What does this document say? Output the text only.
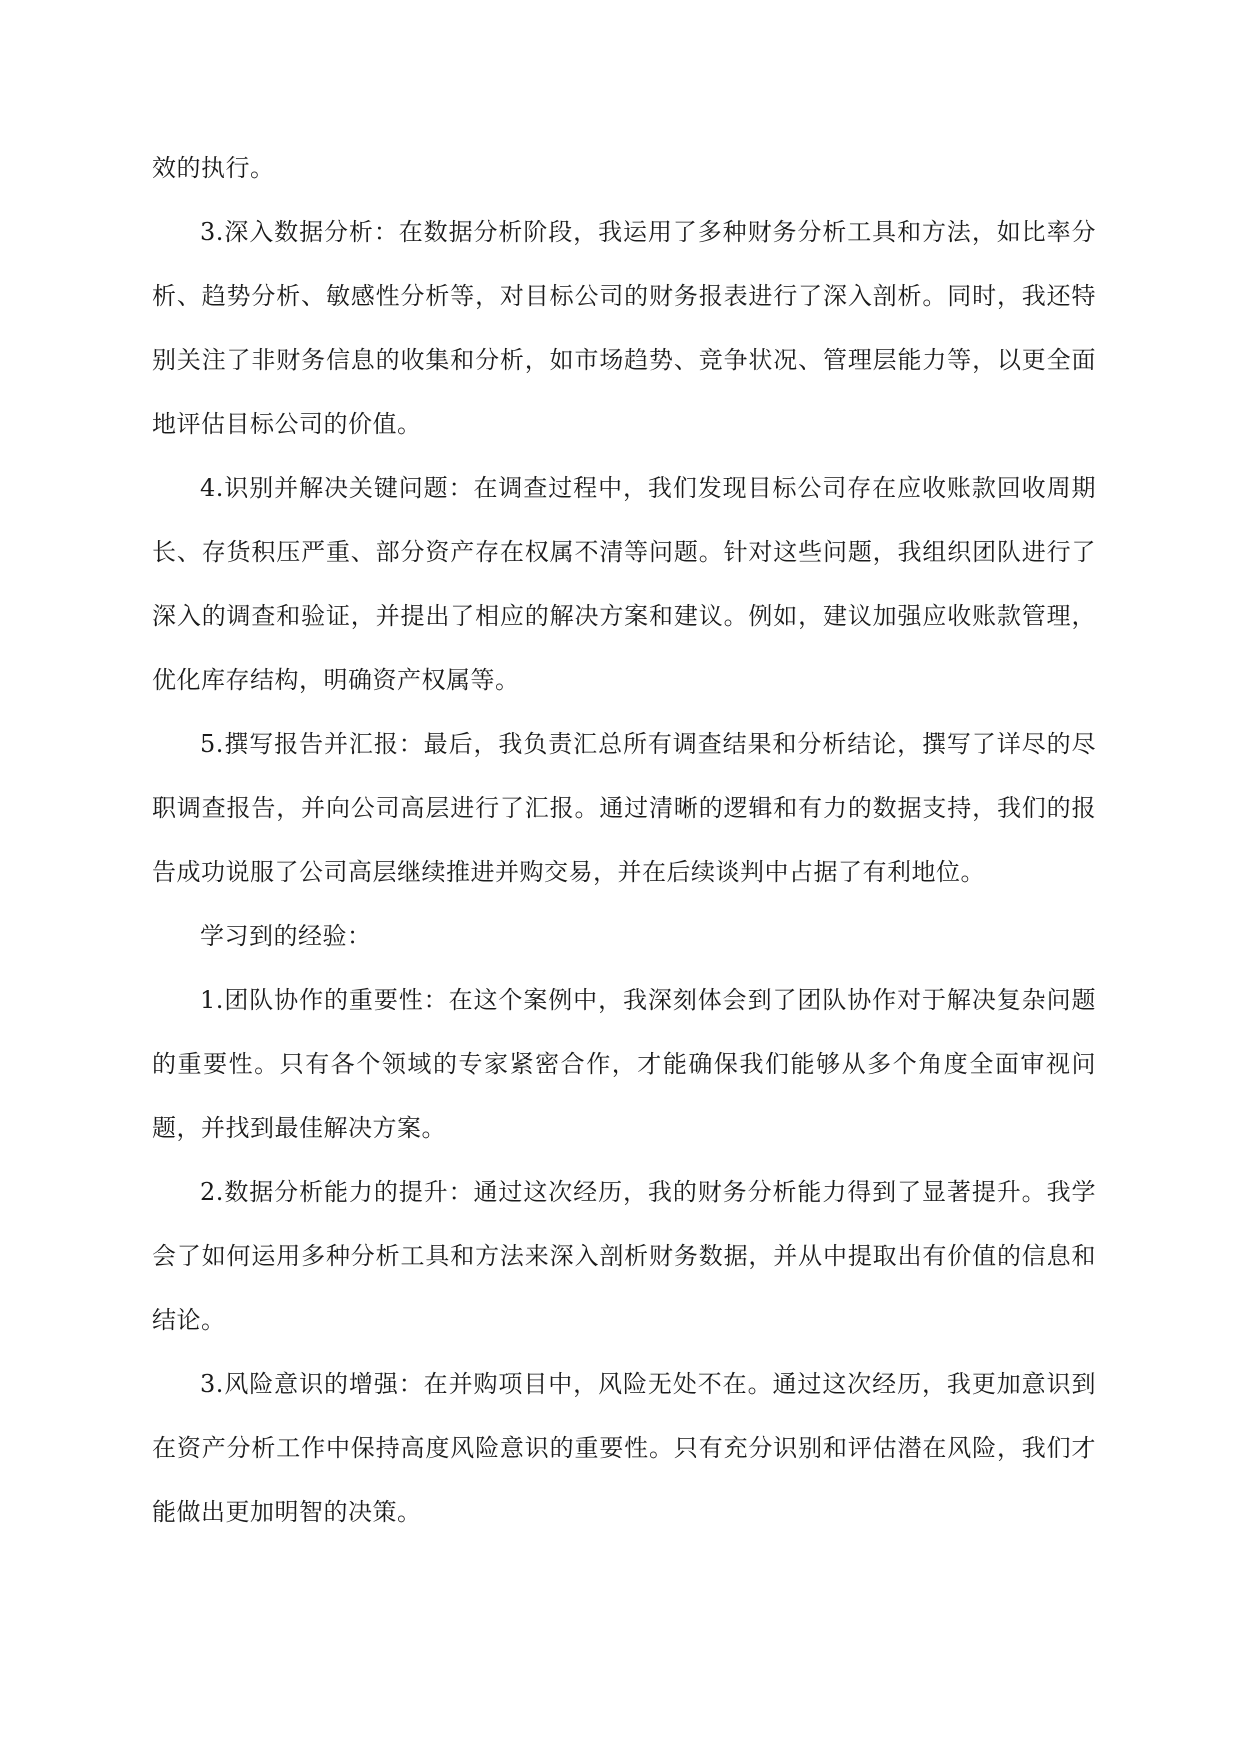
效的执行。

3.深入数据分析：在数据分析阶段，我运用了多种财务分析工具和方法，如比率分析、趋势分析、敏感性分析等，对目标公司的财务报表进行了深入剖析。同时，我还特别关注了非财务信息的收集和分析，如市场趋势、竞争状况、管理层能力等，以更全面地评估目标公司的价值。

4.识别并解决关键问题：在调查过程中，我们发现目标公司存在应收账款回收周期长、存货积压严重、部分资产存在权属不清等问题。针对这些问题，我组织团队进行了深入的调查和验证，并提出了相应的解决方案和建议。例如，建议加强应收账款管理，优化库存结构，明确资产权属等。

5.撰写报告并汇报：最后，我负责汇总所有调查结果和分析结论，撰写了详尽的尽职调查报告，并向公司高层进行了汇报。通过清晰的逻辑和有力的数据支持，我们的报告成功说服了公司高层继续推进并购交易，并在后续谈判中占据了有利地位。

学习到的经验：

1.团队协作的重要性：在这个案例中，我深刻体会到了团队协作对于解决复杂问题的重要性。只有各个领域的专家紧密合作，才能确保我们能够从多个角度全面审视问题，并找到最佳解决方案。

2.数据分析能力的提升：通过这次经历，我的财务分析能力得到了显著提升。我学会了如何运用多种分析工具和方法来深入剖析财务数据，并从中提取出有价值的信息和结论。

3.风险意识的增强：在并购项目中，风险无处不在。通过这次经历，我更加意识到在资产分析工作中保持高度风险意识的重要性。只有充分识别和评估潜在风险，我们才能做出更加明智的决策。
